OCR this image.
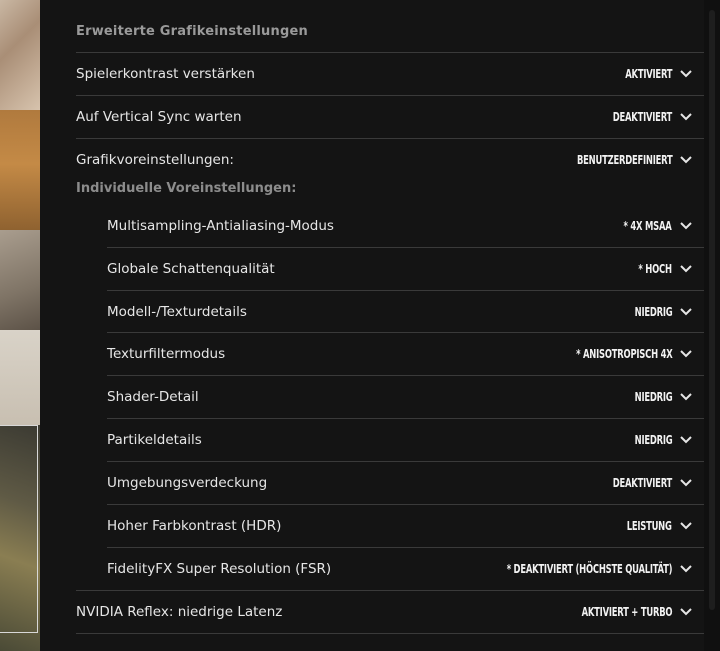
Erweiterte Grafikeinstellungen
Spielerkontrast verstärken	AKTIVIERT
Auf Vertical Sync warten	DEAKTIVIERT
Grafikvoreinstellungen:	BENUTZERDEFINIERT
Individuelle Voreinstellungen:
Multisampling-Antialiasing-Modus	* 4X MSAA
Globale Schattenqualität	* HOCH
Modell-/Texturdetails	NIEDRIG
Texturfiltermodus	* ANISOTROPISCH 4X
Shader-Detail	NIEDRIG
Partikeldetails	NIEDRIG
Umgebungsverdeckung	DEAKTIVIERT
Hoher Farbkontrast (HDR)	LEISTUNG
FidelityFX Super Resolution (FSR)	* DEAKTIVIERT (HÖCHSTE QUALITÄT)
NVIDIA Reflex: niedrige Latenz	AKTIVIERT + TURBO
